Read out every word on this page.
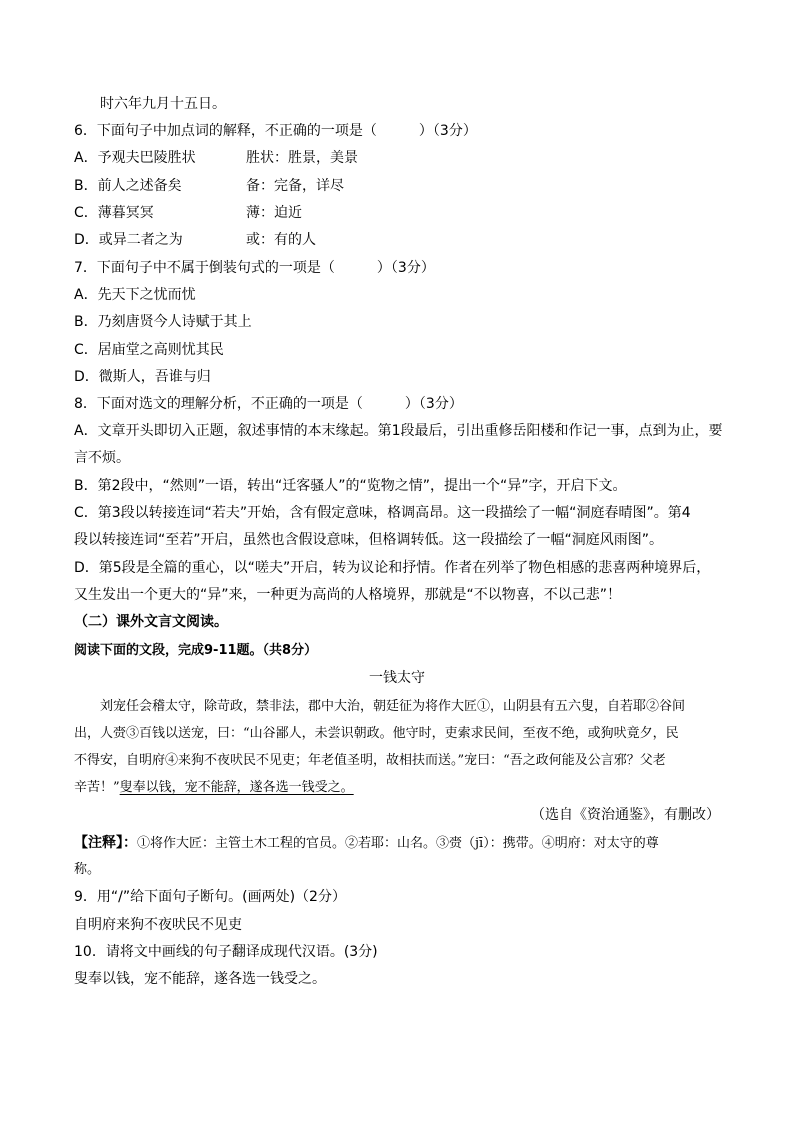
时六年九月十五日。
6．下面句子中加点词的解释，不正确的一项是（　　　）（3分）
A．予观夫巴陵胜状	胜状：胜景，美景
B．前人之述备矣	备：完备，详尽
C．薄暮冥冥	薄：迫近
D．或异二者之为	或：有的人
7．下面句子中不属于倒装句式的一项是（　　　）（3分）
A．先天下之忧而忧
B．乃刻唐贤今人诗赋于其上
C．居庙堂之高则忧其民
D．微斯人，吾谁与归
8．下面对选文的理解分析，不正确的一项是（　　　）（3分）
A．文章开头即切入正题，叙述事情的本末缘起。第1段最后，引出重修岳阳楼和作记一事，点到为止，要
言不烦。
B．第2段中，“然则”一语，转出“迁客骚人”的“览物之情”，提出一个“异”字，开启下文。
C．第3段以转接连词“若夫”开始，含有假定意味，格调高昂。这一段描绘了一幅“洞庭春晴图”。第4
段以转接连词“至若”开启，虽然也含假设意味，但格调转低。这一段描绘了一幅“洞庭风雨图”。
D．第5段是全篇的重心，以“嗟夫”开启，转为议论和抒情。作者在列举了物色相感的悲喜两种境界后，
又生发出一个更大的“异”来，一种更为高尚的人格境界，那就是“不以物喜，不以己悲”！
（二）课外文言文阅读。
阅读下面的文段，完成9-11题。（共8分）
一钱太守
刘宠任会稽太守，除苛政，禁非法，郡中大治，朝廷征为将作大匠①，山阴县有五六叟，自若耶②谷间
出，人赍③百钱以送宠，曰：“山谷鄙人，未尝识朝政。他守时，吏索求民间，至夜不绝，或狗吠竟夕，民
不得安，自明府④来狗不夜吠民不见吏；年老值圣明，故相扶而送。”宠曰：“吾之政何能及公言邪？父老
辛苦！”叟奉以钱，宠不能辞，遂各选一钱受之。
（选自《资治通鉴》，有删改）
【注释】：①将作大匠：主管土木工程的官员。②若耶：山名。③赍（jī）：携带。④明府：对太守的尊
称。
9．用“/”给下面句子断句。(画两处)（2分）
自明府来狗不夜吠民不见吏
10．请将文中画线的句子翻译成现代汉语。(3分)
叟奉以钱，宠不能辞，遂各选一钱受之。
